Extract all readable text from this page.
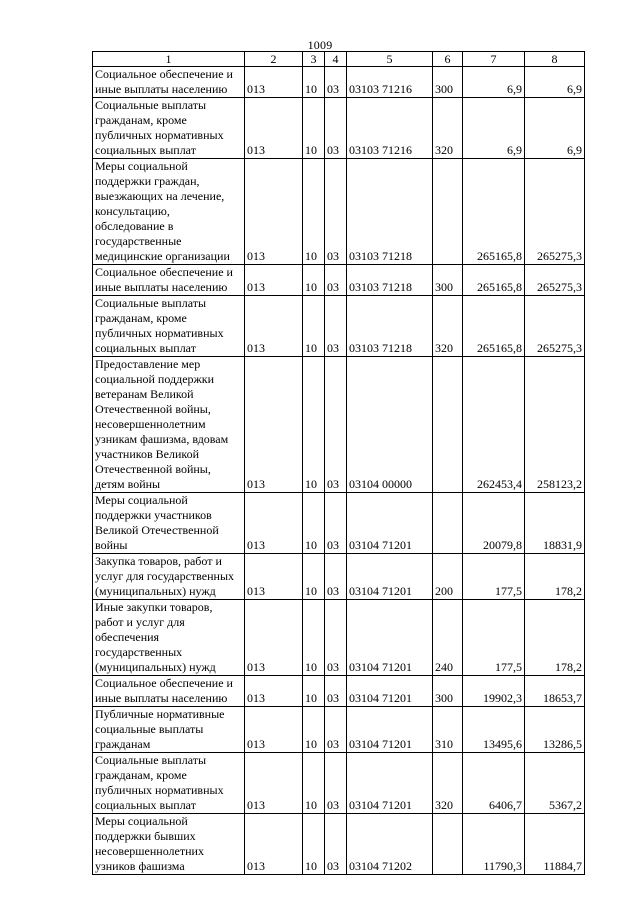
1009
1	2	3	4	5	6	7	8
Социальное обеспечение и иные выплаты населению	013	10	03	03103 71216	300	6,9	6,9
Социальные выплаты гражданам, кроме публичных нормативных социальных выплат	013	10	03	03103 71216	320	6,9	6,9
Меры социальной поддержки граждан, выезжающих на лечение, консультацию, обследование в государственные медицинские организации	013	10	03	03103 71218		265165,8	265275,3
Социальное обеспечение и иные выплаты населению	013	10	03	03103 71218	300	265165,8	265275,3
Социальные выплаты гражданам, кроме публичных нормативных социальных выплат	013	10	03	03103 71218	320	265165,8	265275,3
Предоставление мер социальной поддержки ветеранам Великой Отечественной войны, несовершеннолетним узникам фашизма, вдовам участников Великой Отечественной войны, детям войны	013	10	03	03104 00000		262453,4	258123,2
Меры социальной поддержки участников Великой Отечественной войны	013	10	03	03104 71201		20079,8	18831,9
Закупка товаров, работ и услуг для государственных (муниципальных) нужд	013	10	03	03104 71201	200	177,5	178,2
Иные закупки товаров, работ и услуг для обеспечения государственных (муниципальных) нужд	013	10	03	03104 71201	240	177,5	178,2
Социальное обеспечение и иные выплаты населению	013	10	03	03104 71201	300	19902,3	18653,7
Публичные нормативные социальные выплаты гражданам	013	10	03	03104 71201	310	13495,6	13286,5
Социальные выплаты гражданам, кроме публичных нормативных социальных выплат	013	10	03	03104 71201	320	6406,7	5367,2
Меры социальной поддержки бывших несовершеннолетних узников фашизма	013	10	03	03104 71202		11790,3	11884,7
